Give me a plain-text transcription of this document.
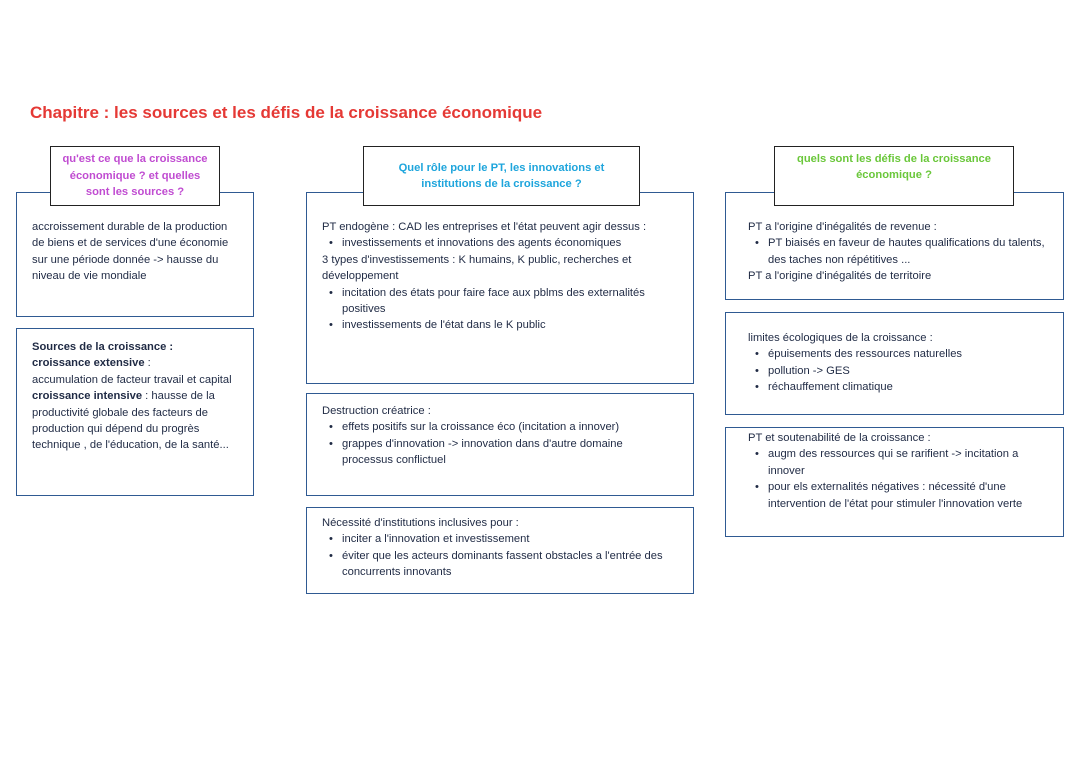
Chapitre : les sources et les défis de la croissance économique

accroissement durable de la production de biens et de services d'une économie sur une période donnée -> hausse du niveau de vie mondiale

qu'est ce que la croissance économique ? et quelles sont les sources ?

Sources de la croissance :

croissance extensive :

accumulation de facteur travail et capital

croissance intensive : hausse de la productivité globale des facteurs de production qui dépend du progrès technique , de l'éducation, de la santé...

PT endogène : CAD les entreprises et l'état peuvent agir dessus :

• investissements et innovations des agents économiques

3 types d'investissements : K humains, K public, recherches et développement

• incitation des états pour faire face aux pblms des externalités positives
• investissements de l'état dans le K public
Quel rôle pour le PT, les innovations et institutions de la croissance ?

Destruction créatrice :

• effets positifs sur la croissance éco (incitation a innover)
• grappes d'innovation -> innovation dans d'autre domaine processus conflictuel

Nécessité d'institutions inclusives pour :

• inciter a l'innovation et investissement
• éviter que les acteurs dominants fassent obstacles a l'entrée des concurrents innovants

PT a l'origine d'inégalités de revenue :

• PT biaisés en faveur de hautes qualifications du talents, des taches non répétitives ...

PT a l'origine d'inégalités de territoire

quels sont les défis de la croissance économique ?

limites écologiques de la croissance :

• épuisements des ressources naturelles
• pollution -> GES
• réchauffement climatique

PT et soutenabilité de la croissance :

• augm des ressources qui se rarifient -> incitation a innover
• pour els externalités négatives : nécessité d'une intervention de l'état pour stimuler l'innovation verte
